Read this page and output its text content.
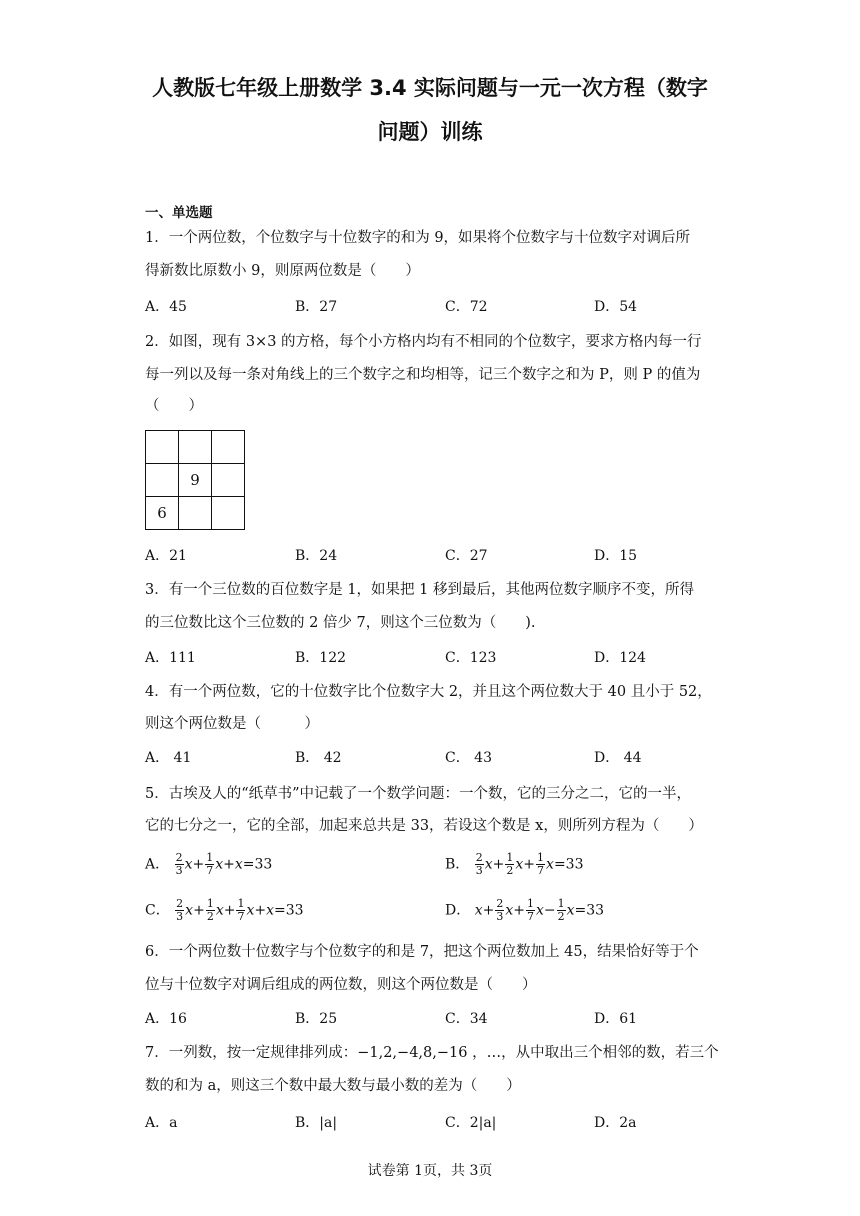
人教版七年级上册数学 3.4 实际问题与一元一次方程（数字
问题）训练
一、单选题
1．一个两位数，个位数字与十位数字的和为 9，如果将个位数字与十位数字对调后所
得新数比原数小 9，则原两位数是（　　）
A．45	B．27	C．72	D．54
2．如图，现有 3×3 的方格，每个小方格内均有不相同的个位数字，要求方格内每一行
每一列以及每一条对角线上的三个数字之和均相等，记三个数字之和为 P，则 P 的值为
（　　）

	9	
6		
A．21	B．24	C．27	D．15
3．有一个三位数的百位数字是 1，如果把 1 移到最后，其他两位数字顺序不变，所得
的三位数比这个三位数的 2 倍少 7，则这个三位数为（　　).
A．111	B．122	C．123	D．124
4．有一个两位数，它的十位数字比个位数字大 2，并且这个两位数大于 40 且小于 52，
则这个两位数是（　　　）
A． 41	B． 42	C． 43	D． 44
5．古埃及人的“纸草书”中记载了一个数学问题：一个数，它的三分之二，它的一半，
它的七分之一，它的全部，加起来总共是 33，若设这个数是 x，则所列方程为（　　）
A． $\frac{2}{3} x+ \frac{1}{7} x+x=33$	B． $\frac{2}{3} x+ \frac{1}{2} x+ \frac{1}{7} x=33$
C． $\frac{2}{3} x+ \frac{1}{2} x+ \frac{1}{7} x+x=33$	D． $x+ \frac{2}{3} x+ \frac{1}{7} x- \frac{1}{2} x=33$
6．一个两位数十位数字与个位数字的和是 7，把这个两位数加上 45，结果恰好等于个
位与十位数字对调后组成的两位数，则这个两位数是（　　）
A．16	B．25	C．34	D．61
7．一列数，按一定规律排列成：−1,2,−4,8,−16 ，…，从中取出三个相邻的数，若三个
数的和为 a，则这三个数中最大数与最小数的差为（　　）
A．a	B．|a|	C．2|a|	D．2a
试卷第 1页，共 3页
